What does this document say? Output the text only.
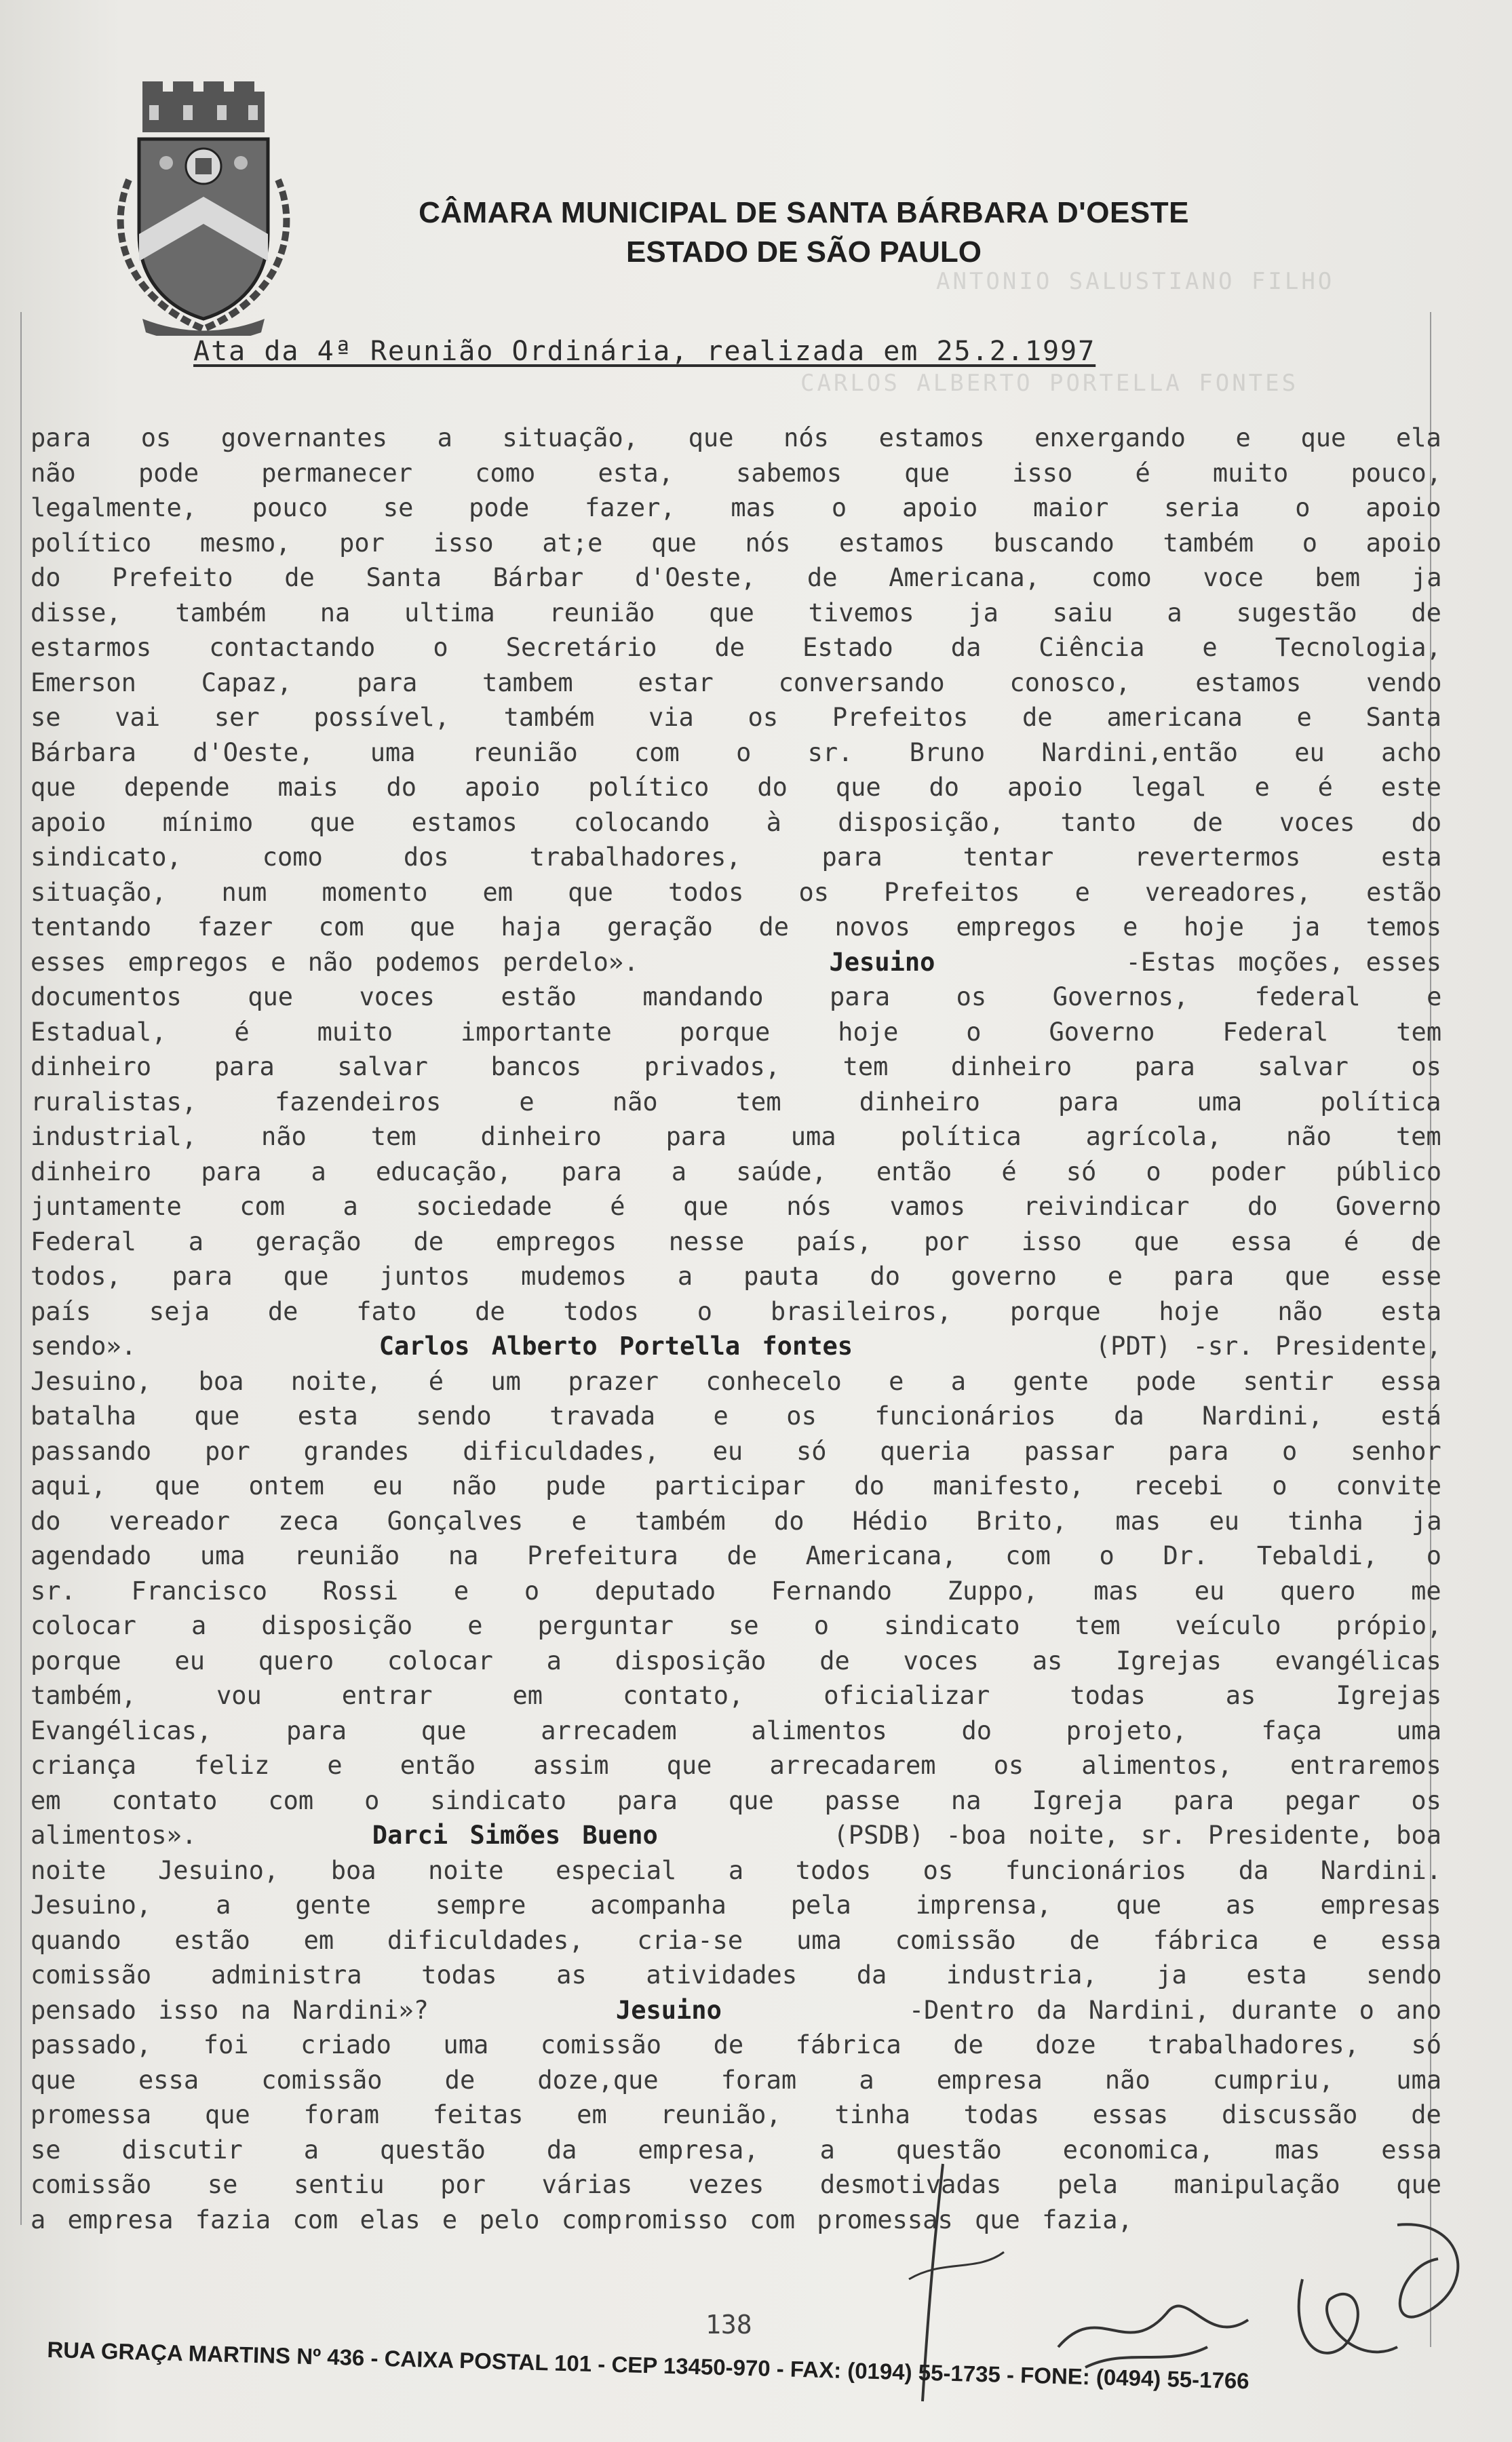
CÂMARA MUNICIPAL DE SANTA BÁRBARA D'OESTE
ESTADO DE SÃO PAULO
ANTONIO SALUSTIANO FILHO
CARLOS ALBERTO PORTELLA FONTES
Ata da 4ª Reunião Ordinária, realizada em 25.2.1997
para os governantes a situação, que nós estamos enxergando e que ela
não pode permanecer como esta, sabemos que isso é muito pouco,
legalmente, pouco se pode fazer, mas o apoio maior seria o apoio
político mesmo, por isso at;e que nós estamos buscando também o apoio
do Prefeito de Santa Bárbar d'Oeste, de Americana, como voce bem ja
disse, também na ultima reunião que tivemos ja saiu a sugestão de
estarmos contactando o Secretário de Estado da Ciência e Tecnologia,
Emerson Capaz, para tambem estar conversando conosco, estamos vendo
se vai ser possível, também via os Prefeitos de americana e Santa
Bárbara d'Oeste, uma reunião com o sr. Bruno Nardini,então eu acho
que depende mais do apoio político do que do apoio legal e é este
apoio mínimo que estamos colocando à disposição, tanto de voces do
sindicato, como dos trabalhadores, para tentar revertermos esta
situação, num momento em que todos os Prefeitos e vereadores, estão
tentando fazer com que haja geração de novos empregos e hoje ja temos
esses empregos e não podemos perdelo».	Jesuino	-Estas moções, esses
documentos que voces estão mandando para os Governos, federal e
Estadual, é muito importante porque hoje o Governo Federal tem
dinheiro para salvar bancos privados, tem dinheiro para salvar os
ruralistas, fazendeiros e não tem dinheiro para uma política
industrial, não tem dinheiro para uma política agrícola, não tem
dinheiro para a educação, para a saúde, então é só o poder público
juntamente com a sociedade é que nós vamos reivindicar do Governo
Federal a geração de empregos nesse país, por isso que essa é de
todos, para que juntos mudemos a pauta do governo e para que esse
país seja de fato de todos o brasileiros, porque hoje não esta
sendo».	Carlos Alberto Portella fontes	(PDT) -sr. Presidente,
Jesuino, boa noite, é um prazer conhecelo e a gente pode sentir essa
batalha que esta sendo travada e os funcionários da Nardini, está
passando por grandes dificuldades, eu só queria passar para o senhor
aqui, que ontem eu não pude participar do manifesto, recebi o convite
do vereador zeca Gonçalves e também do Hédio Brito, mas eu tinha ja
agendado uma reunião na Prefeitura de Americana, com o Dr. Tebaldi, o
sr. Francisco Rossi e o deputado Fernando Zuppo, mas eu quero me
colocar a disposição e perguntar se o sindicato tem veículo própio,
porque eu quero colocar a disposição de voces as Igrejas evangélicas
também, vou entrar em contato, oficializar todas as Igrejas
Evangélicas, para que arrecadem alimentos do projeto, faça uma
criança feliz e então assim que arrecadarem os alimentos, entraremos
em contato com o sindicato para que passe na Igreja para pegar os
alimentos».	Darci Simões Bueno	(PSDB) -boa noite, sr. Presidente, boa
noite Jesuino, boa noite especial a todos os funcionários da Nardini.
Jesuino, a gente sempre acompanha pela imprensa, que as empresas
quando estão em dificuldades, cria-se uma comissão de fábrica e essa
comissão administra todas as atividades da industria, ja esta sendo
pensado isso na Nardini»?	Jesuino	-Dentro da Nardini, durante o ano
passado, foi criado uma comissão de fábrica de doze trabalhadores, só
que essa comissão de doze,que foram a empresa não cumpriu, uma
promessa que foram feitas em reunião, tinha todas essas discussão de
se discutir a questão da empresa, a questão economica, mas essa
comissão se sentiu por várias vezes desmotivadas pela manipulação que
a empresa fazia com elas e pelo compromisso com promessas que fazia,
138
RUA GRAÇA MARTINS Nº 436 - CAIXA POSTAL 101 - CEP 13450-970 - FAX: (0194) 55-1735 - FONE: (0494) 55-1766
